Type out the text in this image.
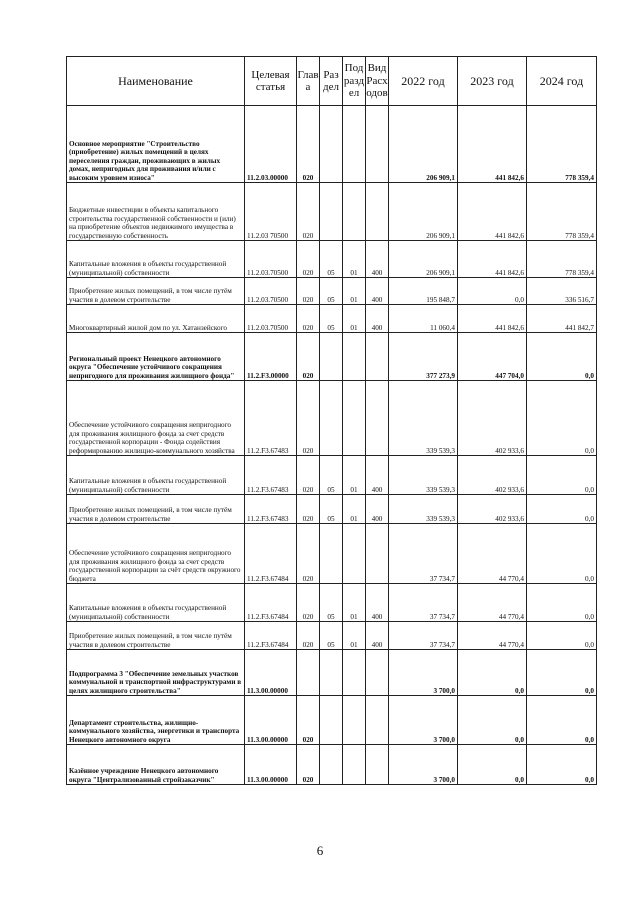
Наименование	Целевая статья	Глав а	Раз дел	Под разд ел	Вид Расх одов	2022 год	2023 год	2024 год
Основное мероприятие "Строительство (приобретение) жилых помещений в целях переселения граждан, проживающих в жилых домах, непригодных для проживания и/или с высоким уровнем износа"	11.2.03.00000	020				206 909,1	441 842,6	778 359,4
Бюджетные инвестиции в объекты капитального строительства государственной собственности и (или) на приобретение объектов недвижимого имущества в государственную собственность	11.2.03 70500	020				206 909,1	441 842,6	778 359,4
Капитальные вложения в объекты государственной (муниципальной) собственности	11.2.03.70500	020	05	01	400	206 909,1	441 842,6	778 359,4
Приобретение жилых помещений, в том числе путём участия в долевом строительстве	11.2.03.70500	020	05	01	400	195 848,7	0,0	336 516,7
Многоквартирный жилой дом по ул. Хатанзейского	11.2.03.70500	020	05	01	400	11 060,4	441 842,6	441 842,7
Региональный проект Ненецкого автономного округа "Обеспечение устойчивого сокращения непригодного для проживания жилищного фонда"	11.2.F3.00000	020				377 273,9	447 704,0	0,0
Обеспечение устойчивого сокращения непригодного для проживания жилищного фонда за счет средств государственной корпорации - Фонда содействия реформированию жилищно-коммунального хозяйства	11.2.F3.67483	020				339 539,3	402 933,6	0,0
Капитальные вложения в объекты государственной (муниципальной) собственности	11.2.F3.67483	020	05	01	400	339 539,3	402 933,6	0,0
Приобретение жилых помещений, в том числе путём участия в долевом строительстве	11.2.F3.67483	020	05	01	400	339 539,3	402 933,6	0,0
Обеспечение устойчивого сокращения непригодного для проживания жилищного фонда за счет средств государственной корпорации за счёт средств окружного бюджета	11.2.F3.67484	020				37 734,7	44 770,4	0,0
Капитальные вложения в объекты государственной (муниципальной) собственности	11.2.F3.67484	020	05	01	400	37 734,7	44 770,4	0,0
Приобретение жилых помещений, в том числе путём участия в долевом строительстве	11.2.F3.67484	020	05	01	400	37 734,7	44 770,4	0,0
Подпрограмма 3 "Обеспечение земельных участков коммунальной и транспортной инфраструктурами в целях жилищного строительства"	11.3.00.00000					3 700,0	0,0	0,0
Департамент строительства, жилищно-коммунального хозяйства, энергетики и транспорта Ненецкого автономного округа	11.3.00.00000	020				3 700,0	0,0	0,0
Казённое учреждение Ненецкого автономного округа "Централизованный стройзаказчик"	11.3.00.00000	020				3 700,0	0,0	0,0
6
